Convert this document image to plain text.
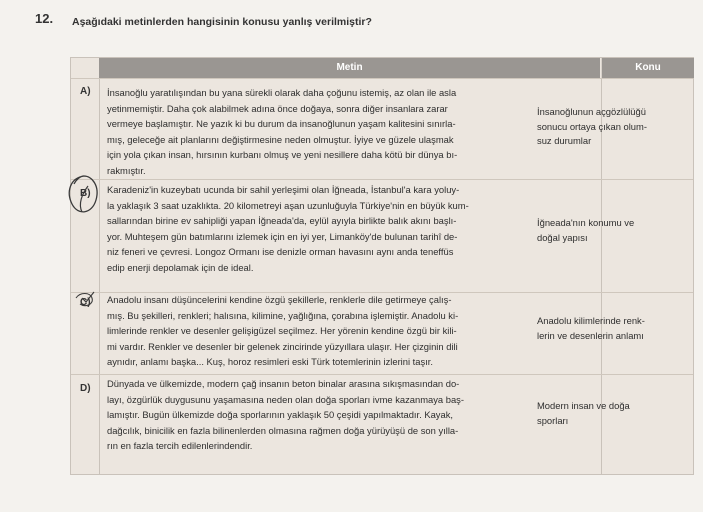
12. Aşağıdaki metinlerden hangisinin konusu yanlış verilmiştir?
Metin	Konu
A) İnsanoğlu yaratılışından bu yana sürekli olarak daha çoğunu istemiş, az olan ile asla
yetinmemiştir. Daha çok alabilmek adına önce doğaya, sonra diğer insanlara zarar
vermeye başlamıştır. Ne yazık ki bu durum da insanoğlunun yaşam kalitesini sınırla-
mış, geleceğe ait planlarını değiştirmesine neden olmuştur. İyiye ve güzele ulaşmak
için yola çıkan insan, hırsının kurbanı olmuş ve yeni nesillere daha kötü bir dünya bı-
rakmıştır.
İnsanoğlunun açgözlülüğü
sonucu ortaya çıkan olum-
suz durumlar
B) Karadeniz'in kuzeybatı ucunda bir sahil yerleşimi olan İğneada, İstanbul'a kara yoluy-
la yaklaşık 3 saat uzaklıkta. 20 kilometreyi aşan uzunluğuyla Türkiye'nin en büyük kum-
sallarından birine ev sahipliği yapan İğneada'da, eylül ayıyla birlikte balık akını başlı-
yor. Muhteşem gün batımlarını izlemek için en iyi yer, Limanköy'de bulunan tarihî de-
niz feneri ve çevresi. Longoz Ormanı ise denizle orman havasını aynı anda teneffüs
edip enerji depolamak için de ideal.
İğneada'nın konumu ve
doğal yapısı
C) Anadolu insanı düşüncelerini kendine özgü şekillerle, renklerle dile getirmeye çalış-
mış. Bu şekilleri, renkleri; halısına, kilimine, yağlığına, çorabına işlemiştir. Anadolu ki-
limlerinde renkler ve desenler gelişigüzel seçilmez. Her yörenin kendine özgü bir kili-
mi vardır. Renkler ve desenler bir gelenek zincirinde yüzyıllara ulaşır. Her çizginin dili
aynıdır, anlamı başka... Kuş, horoz resimleri eski Türk totemlerinin izlerini taşır.
Anadolu kilimlerinde renk-
lerin ve desenlerin anlamı
D) Dünyada ve ülkemizde, modern çağ insanın beton binalar arasına sıkışmasından do-
layı, özgürlük duygusunu yaşamasına neden olan doğa sporları ivme kazanmaya baş-
lamıştır. Bugün ülkemizde doğa sporlarının yaklaşık 50 çeşidi yapılmaktadır. Kayak,
dağcılık, binicilik en fazla bilinenlerden olmasına rağmen doğa yürüyüşü de son yılla-
rın en fazla tercih edilenlerindendir.
Modern insan ve doğa
sporları
